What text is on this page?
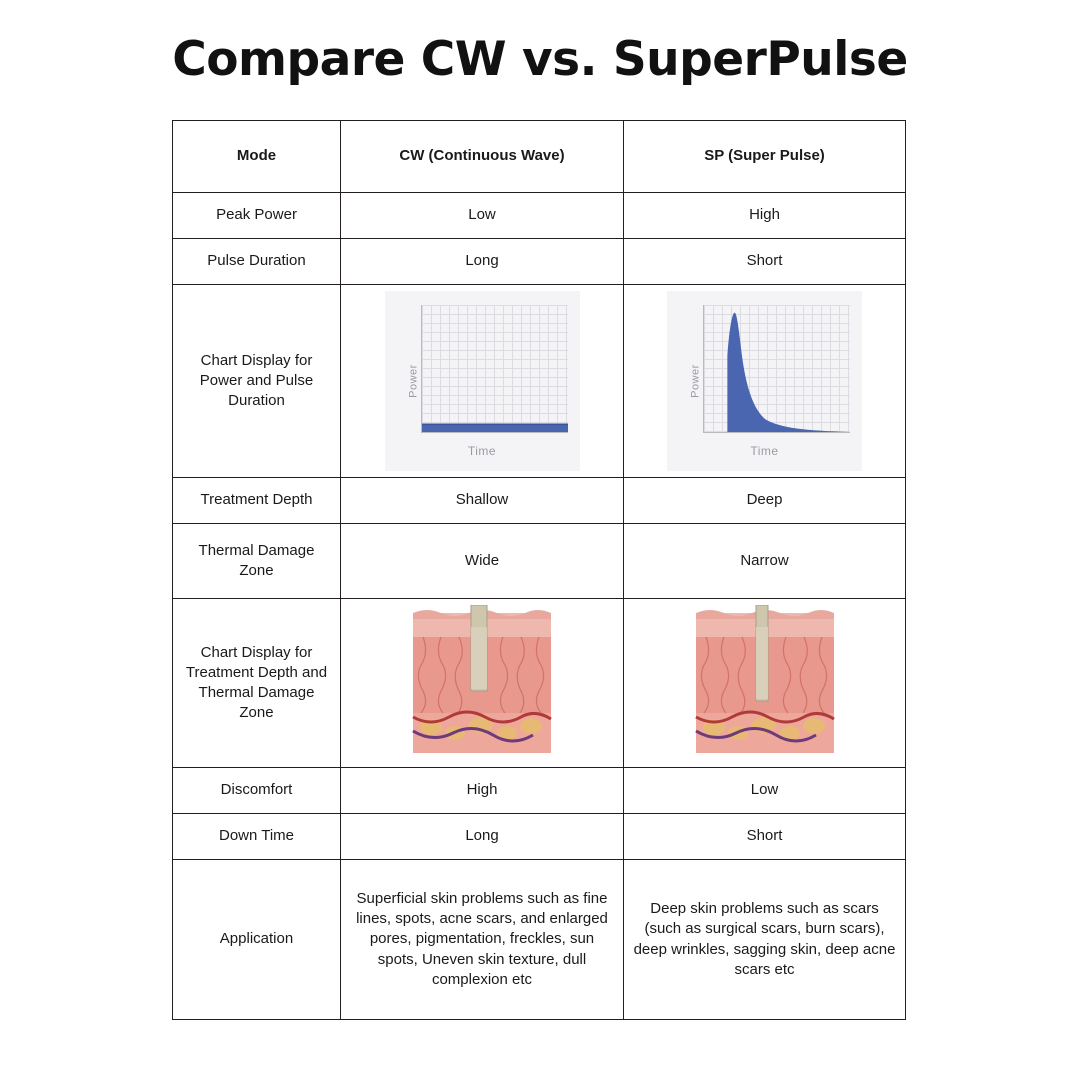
Compare CW vs. SuperPulse
Mode	CW (Continuous Wave)	SP (Super Pulse)
Peak Power	Low	High
Pulse Duration	Long	Short
Chart Display for Power and Pulse Duration	
Power
Time

Power
Time

Treatment Depth	Shallow	Deep
Thermal Damage Zone	Wide	Narrow
Chart Display for Treatment Depth and Thermal Damage Zone	

Discomfort	High	Low
Down Time	Long	Short
Application	Superficial skin problems such as fine lines, spots, acne scars, and enlarged pores, pigmentation, freckles, sun spots, Uneven skin texture, dull complexion etc	Deep skin problems such as scars (such as surgical scars, burn scars), deep wrinkles, sagging skin, deep acne scars etc
